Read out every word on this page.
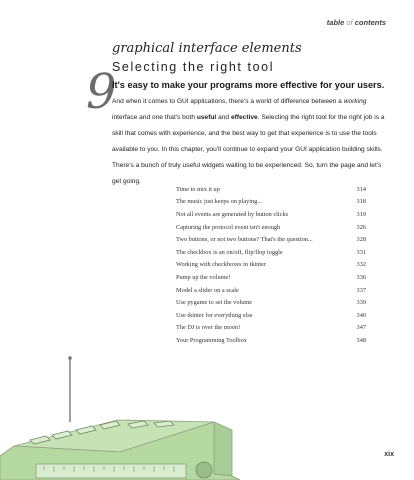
table of contents
graphical interface elements
Selecting the right tool
9

It's easy to make your programs more effective for your users.

And when it comes to GUI applications, there's a world of difference between a working interface and one that's both useful and effective. Selecting the right tool for the right job is a skill that comes with experience, and the best way to get that experience is to use the tools available to you. In this chapter, you'll continue to expand your GUI application building skills. There's a bunch of truly useful widgets waiting to be experienced. So, turn the page and let's get going.

Time to mix it up	314
The music just keeps on playing...	318
Not all events are generated by button clicks	319
Capturing the protocol event isn't enough	326
Two buttons, or not two buttons? That's the question...	328
The checkbox is an on/off, flip/flop toggle	331
Working with checkboxes in tkinter	332
Pump up the volume!	336
Model a slider on a scale	337
Use pygame to set the volume	339
Use tkinter for everything else	340
The DJ is over the moon!	347
Your Programming Toolbox	348
xix
